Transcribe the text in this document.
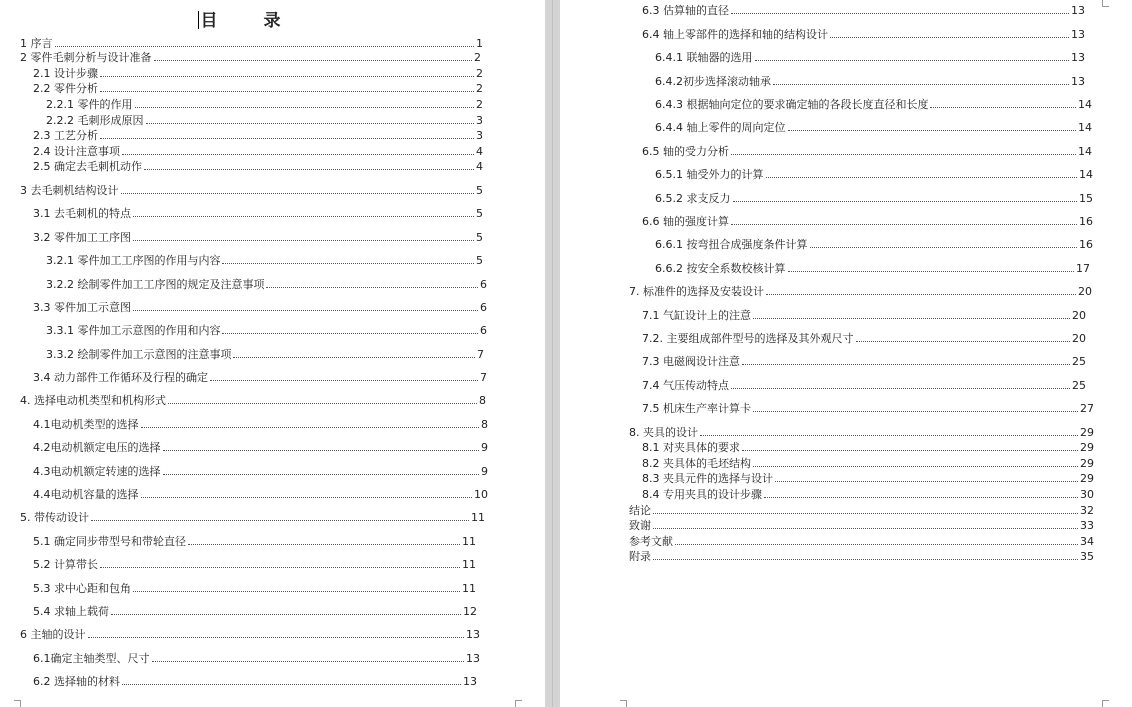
目	录
1 序言	1
2 零件毛刺分析与设计准备	2
2.1 设计步骤	2
2.2 零件分析	2
2.2.1 零件的作用	2
2.2.2 毛刺形成原因	3
2.3 工艺分析	3
2.4 设计注意事项	4
2.5 确定去毛刺机动作	4
3 去毛刺机结构设计	5
3.1 去毛刺机的特点	5
3.2 零件加工工序图	5
3.2.1 零件加工工序图的作用与内容	5
3.2.2 绘制零件加工工序图的规定及注意事项	6
3.3 零件加工示意图	6
3.3.1 零件加工示意图的作用和内容	6
3.3.2 绘制零件加工示意图的注意事项	7
3.4 动力部件工作循环及行程的确定	7
4. 选择电动机类型和机构形式	8
4.1电动机类型的选择	8
4.2电动机额定电压的选择	9
4.3电动机额定转速的选择	9
4.4电动机容量的选择	10
5. 带传动设计	11
5.1 确定同步带型号和带轮直径	11
5.2 计算带长	11
5.3 求中心距和包角	11
5.4 求轴上载荷	12
6 主轴的设计	13
6.1确定主轴类型、尺寸	13
6.2 选择轴的材料	13
6.3 估算轴的直径	13
6.4 轴上零部件的选择和轴的结构设计	13
6.4.1 联轴器的选用	13
6.4.2初步选择滚动轴承	13
6.4.3 根据轴向定位的要求确定轴的各段长度直径和长度	14
6.4.4 轴上零件的周向定位	14
6.5 轴的受力分析	14
6.5.1 轴受外力的计算	14
6.5.2 求支反力	15
6.6 轴的强度计算	16
6.6.1 按弯扭合成强度条件计算	16
6.6.2 按安全系数校核计算	17
7. 标准件的选择及安装设计	20
7.1 气缸设计上的注意	20
7.2. 主要组成部件型号的选择及其外观尺寸	20
7.3 电磁阀设计注意	25
7.4 气压传动特点	25
7.5 机床生产率计算卡	27
8. 夹具的设计	29
8.1 对夹具体的要求	29
8.2 夹具体的毛坯结构	29
8.3 夹具元件的选择与设计	29
8.4 专用夹具的设计步骤	30
结论	32
致谢	33
参考文献	34
附录	35
